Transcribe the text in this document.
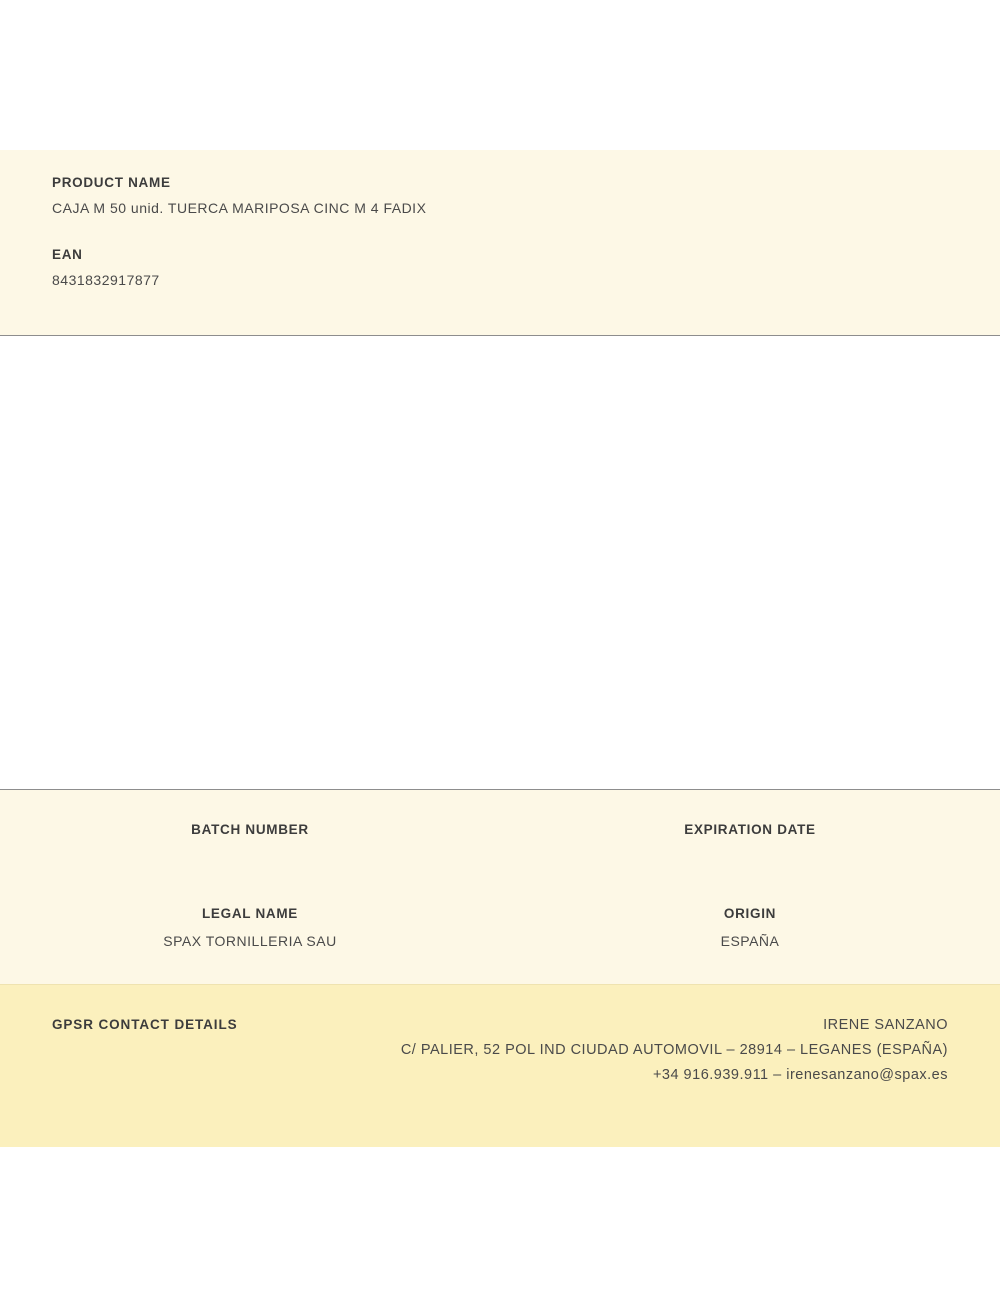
PRODUCT NAME
CAJA M 50 unid. TUERCA MARIPOSA CINC M 4 FADIX
EAN
8431832917877
BATCH NUMBER	EXPIRATION DATE
LEGAL NAME
SPAX TORNILLERIA SAU
ORIGIN
ESPAÑA
GPSR CONTACT DETAILS	IRENE SANZANO
C/ PALIER, 52 POL IND CIUDAD AUTOMOVIL – 28914 – LEGANES (ESPAÑA)
+34 916.939.911 – irenesanzano@spax.es
